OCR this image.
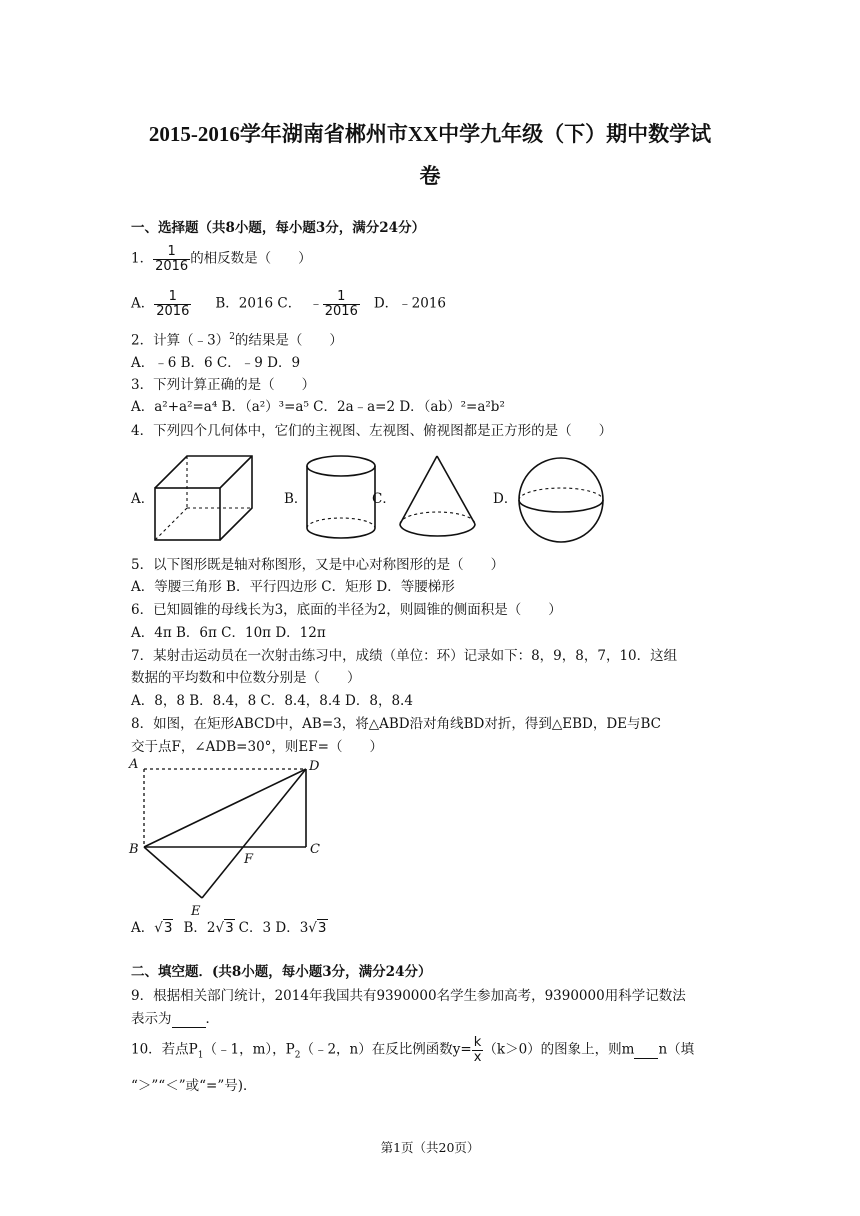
2015-2016学年湖南省郴州市XX中学九年级（下）期中数学试
卷
一、选择题（共8小题，每小题3分，满分24分）
1． $\frac{1}{2016}$ 的相反数是（　　）
A． $\frac{1}{2016}$ B．2016 C． ﹣ $\frac{1}{2016}$ D．﹣2016
2．计算（﹣3）$^2$的结果是（　　）
A．﹣6 B．6 C．﹣9 D．9
3．下列计算正确的是（　　）
A．a²+a²=a⁴ B．（a²）³=a⁵ C．2a﹣a=2 D．（ab）²=a²b²
4．下列四个几何体中，它们的主视图、左视图、俯视图都是正方形的是（　　）
A．	B．	C．	D．
5．以下图形既是轴对称图形，又是中心对称图形的是（　　）
A．等腰三角形 B．平行四边形 C．矩形 D．等腰梯形
6．已知圆锥的母线长为3，底面的半径为2，则圆锥的侧面积是（　　）
A．4π B．6π C．10π D．12π
7．某射击运动员在一次射击练习中，成绩（单位：环）记录如下：8，9，8，7，10．这组
数据的平均数和中位数分别是（　　）
A．8，8 B．8.4，8 C．8.4，8.4 D．8，8.4
8．如图，在矩形ABCD中，AB=3，将△ABD沿对角线BD对折，得到△EBD，DE与BC
交于点F，∠ADB=30°，则EF=（　　）
A	D
B	C
F
E
A．√3 B．2√3 C．3 D．3√3
二、填空题．(共8小题，每小题3分，满分24分）
9．根据相关部门统计，2014年我国共有9390000名学生参加高考，9390000用科学记数法
表示为	．
10．若点$P_1(﹣1$，m），$P_2(﹣2$，n）在反比例函数$y= \frac{k}{x} (k>0)$的图象上，则m n（填
“＞”“＜”或“=”号)．
第1页（共20页）
